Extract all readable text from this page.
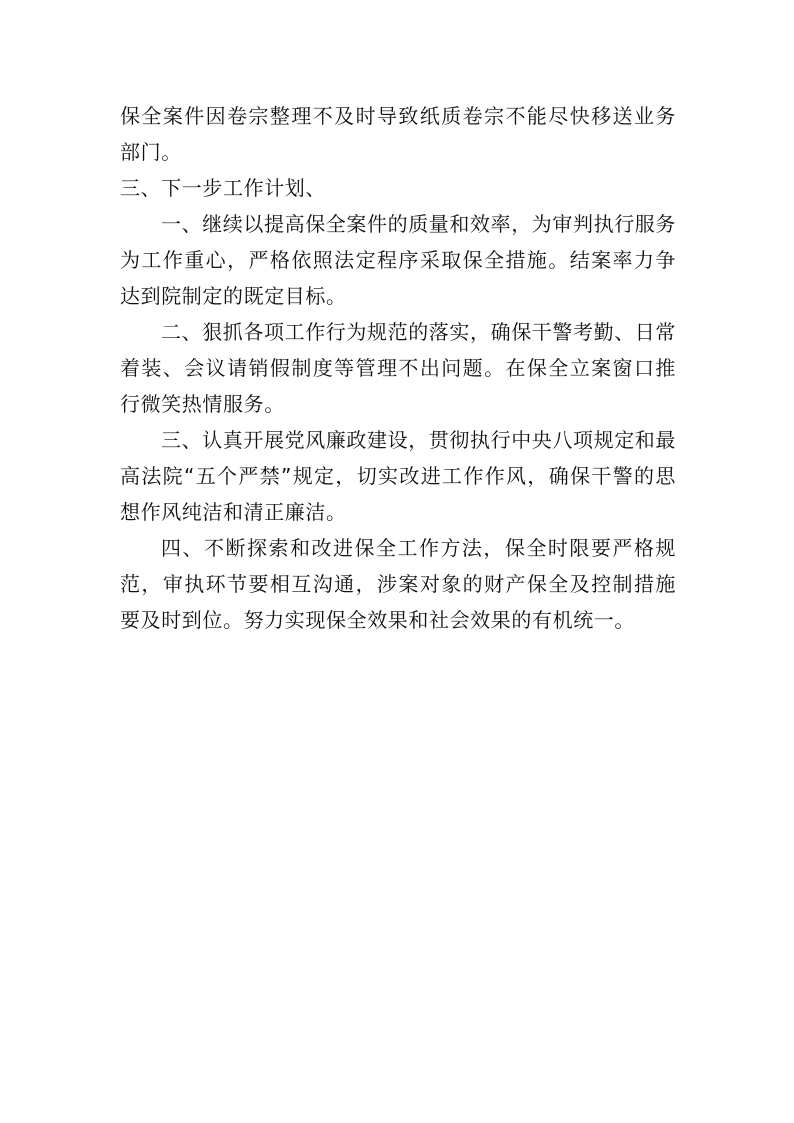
保全案件因卷宗整理不及时导致纸质卷宗不能尽快移送业务部门。

三、下一步工作计划、

一、继续以提高保全案件的质量和效率，为审判执行服务为工作重心，严格依照法定程序采取保全措施。结案率力争达到院制定的既定目标。

二、狠抓各项工作行为规范的落实，确保干警考勤、日常着装、会议请销假制度等管理不出问题。在保全立案窗口推行微笑热情服务。

三、认真开展党风廉政建设，贯彻执行中央八项规定和最高法院“五个严禁”规定，切实改进工作作风，确保干警的思想作风纯洁和清正廉洁。

四、不断探索和改进保全工作方法，保全时限要严格规范，审执环节要相互沟通，涉案对象的财产保全及控制措施要及时到位。努力实现保全效果和社会效果的有机统一。
